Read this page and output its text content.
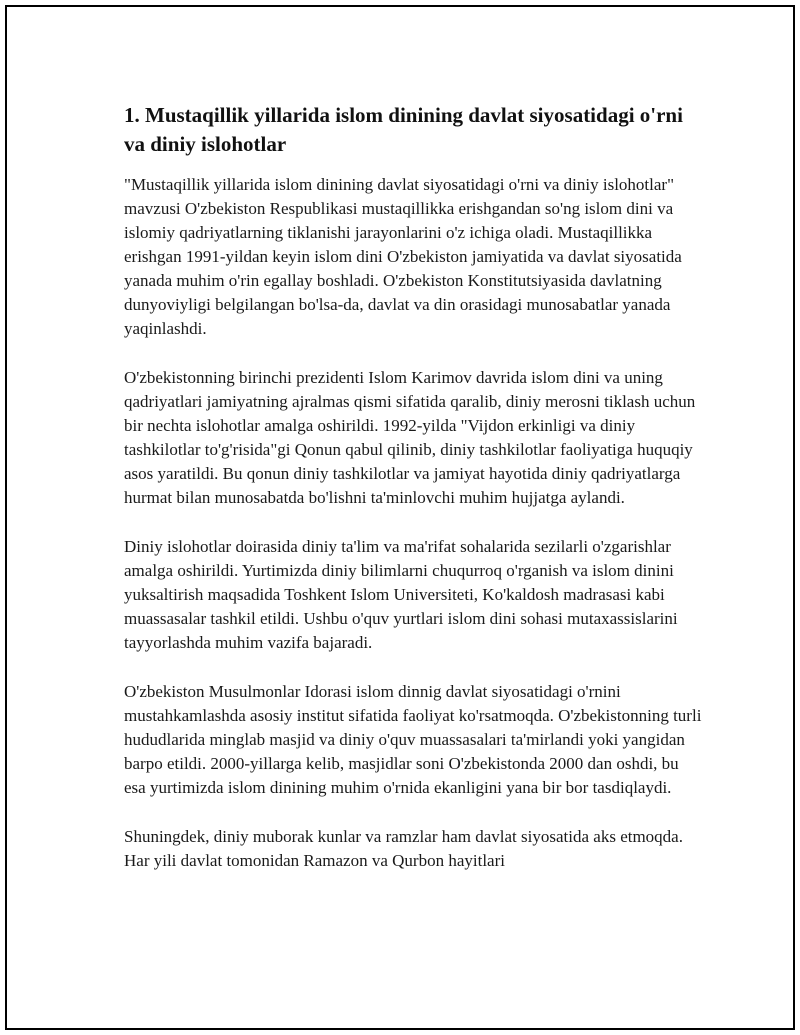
1. Mustaqillik yillarida islom dinining davlat siyosatidagi o'rni va diniy islohotlar

"Mustaqillik yillarida islom dinining davlat siyosatidagi o'rni va diniy islohotlar" mavzusi O'zbekiston Respublikasi mustaqillikka erishgandan so'ng islom dini va islomiy qadriyatlarning tiklanishi jarayonlarini o'z ichiga oladi. Mustaqillikka erishgan 1991-yildan keyin islom dini O'zbekiston jamiyatida va davlat siyosatida yanada muhim o'rin egallay boshladi. O'zbekiston Konstitutsiyasida davlatning dunyoviyligi belgilangan bo'lsa-da, davlat va din orasidagi munosabatlar yanada yaqinlashdi.

O'zbekistonning birinchi prezidenti Islom Karimov davrida islom dini va uning qadriyatlari jamiyatning ajralmas qismi sifatida qaralib, diniy merosni tiklash uchun bir nechta islohotlar amalga oshirildi. 1992-yilda "Vijdon erkinligi va diniy tashkilotlar to'g'risida"gi Qonun qabul qilinib, diniy tashkilotlar faoliyatiga huquqiy asos yaratildi. Bu qonun diniy tashkilotlar va jamiyat hayotida diniy qadriyatlarga hurmat bilan munosabatda bo'lishni ta'minlovchi muhim hujjatga aylandi.

Diniy islohotlar doirasida diniy ta'lim va ma'rifat sohalarida sezilarli o'zgarishlar amalga oshirildi. Yurtimizda diniy bilimlarni chuqurroq o'rganish va islom dinini yuksaltirish maqsadida Toshkent Islom Universiteti, Ko'kaldosh madrasasi kabi muassasalar tashkil etildi. Ushbu o'quv yurtlari islom dini sohasi mutaxassislarini tayyorlashda muhim vazifa bajaradi.

O'zbekiston Musulmonlar Idorasi islom dinnig davlat siyosatidagi o'rnini mustahkamlashda asosiy institut sifatida faoliyat ko'rsatmoqda. O'zbekistonning turli hududlarida minglab masjid va diniy o'quv muassasalari ta'mirlandi yoki yangidan barpo etildi. 2000-yillarga kelib, masjidlar soni O'zbekistonda 2000 dan oshdi, bu esa yurtimizda islom dinining muhim o'rnida ekanligini yana bir bor tasdiqlaydi.

Shuningdek, diniy muborak kunlar va ramzlar ham davlat siyosatida aks etmoqda. Har yili davlat tomonidan Ramazon va Qurbon hayitlari
